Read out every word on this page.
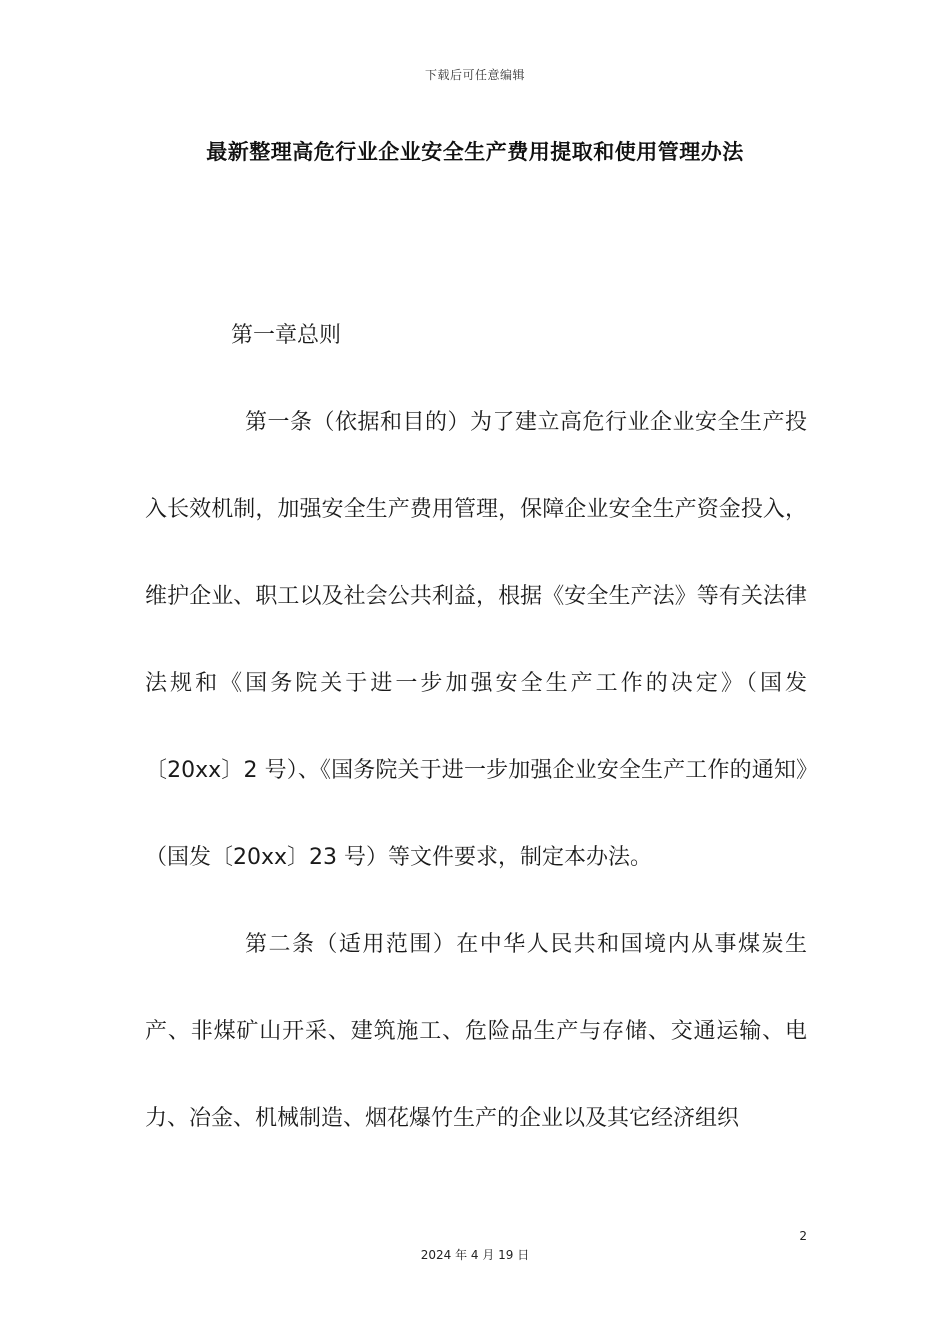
下载后可任意编辑
最新整理高危行业企业安全生产费用提取和使用管理办法

第一章总则

第一条（依据和目的）为了建立高危行业企业安全生产投入长效机制，加强安全生产费用管理，保障企业安全生产资金投入，维护企业、职工以及社会公共利益，根据《安全生产法》等有关法律法规和《国务院关于进一步加强安全生产工作的决定》（国发〔20xx〕2 号）、《国务院关于进一步加强企业安全生产工作的通知》（国发〔20xx〕23 号）等文件要求，制定本办法。

第二条（适用范围）在中华人民共和国境内从事煤炭生产、非煤矿山开采、建筑施工、危险品生产与存储、交通运输、电力、冶金、机械制造、烟花爆竹生产的企业以及其它经济组织

2
2024 年 4 月 19 日
